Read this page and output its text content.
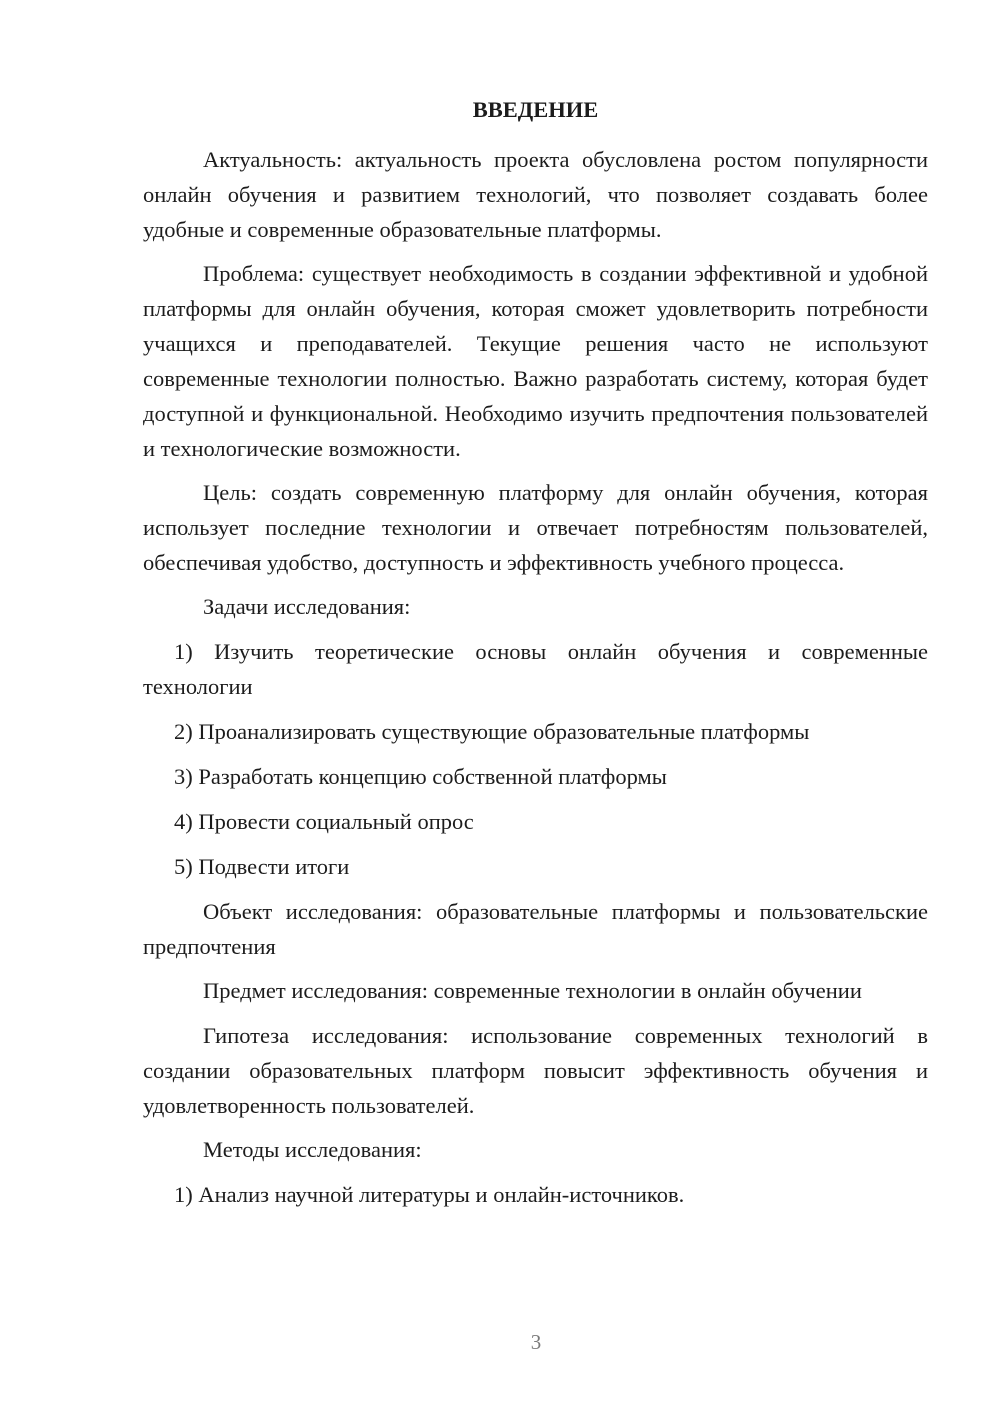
ВВЕДЕНИЕ

Актуальность: актуальность проекта обусловлена ростом популярности онлайн обучения и развитием технологий, что позволяет создавать более удобные и современные образовательные платформы.

Проблема: существует необходимость в создании эффективной и удобной платформы для онлайн обучения, которая сможет удовлетворить потребности учащихся и преподавателей. Текущие решения часто не используют современные технологии полностью. Важно разработать систему, которая будет доступной и функциональной. Необходимо изучить предпочтения пользователей и технологические возможности.

Цель: создать современную платформу для онлайн обучения, которая использует последние технологии и отвечает потребностям пользователей, обеспечивая удобство, доступность и эффективность учебного процесса.

Задачи исследования:

1) Изучить теоретические основы онлайн обучения и современные технологии

2) Проанализировать существующие образовательные платформы

3) Разработать концепцию собственной платформы

4) Провести социальный опрос

5) Подвести итоги

Объект исследования: образовательные платформы и пользовательские предпочтения

Предмет исследования: современные технологии в онлайн обучении

Гипотеза исследования: использование современных технологий в создании образовательных платформ повысит эффективность обучения и удовлетворенность пользователей.

Методы исследования:

1) Анализ научной литературы и онлайн-источников.

3
